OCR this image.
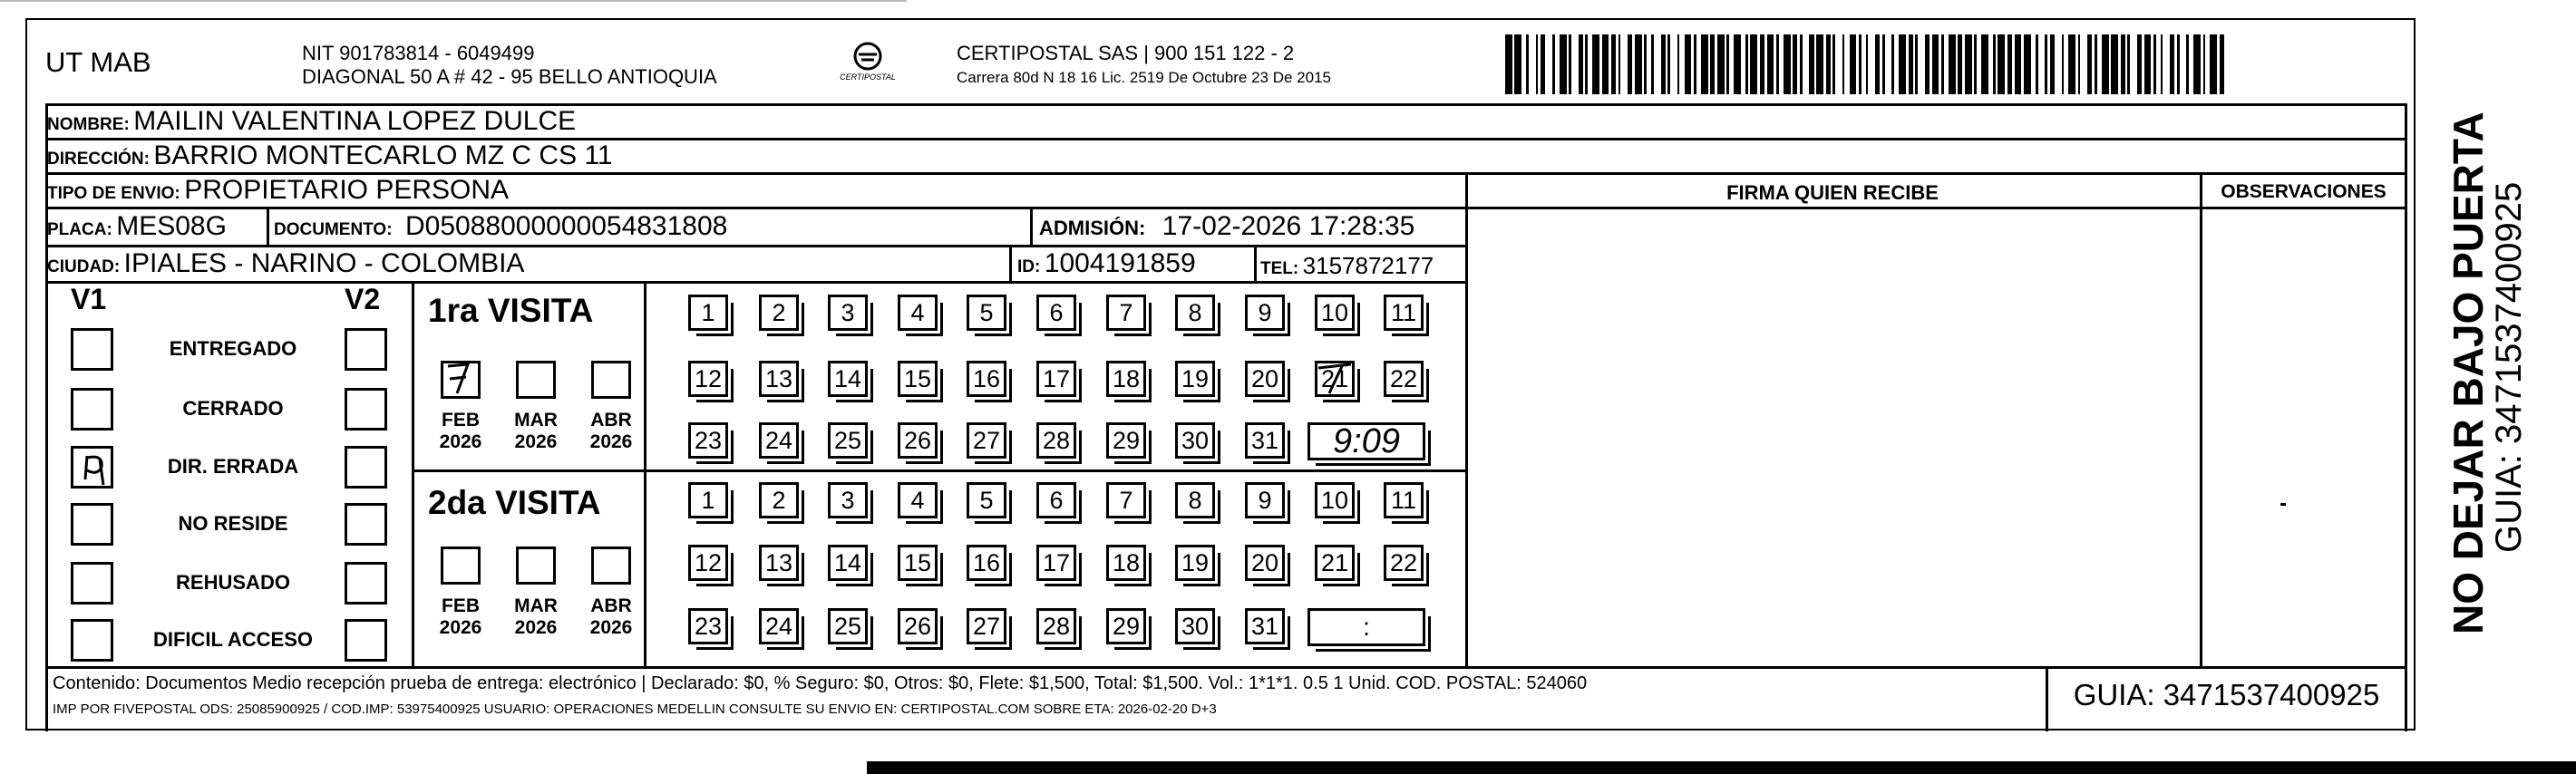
UT MAB	NIT 901783814 - 6049499
DIAGONAL 50 A # 42 - 95 BELLO ANTIOQUIA	CERTIPOSTAL
CERTIPOSTAL SAS | 900 151 122 - 2
Carrera 80d N 18 16 Lic. 2519 De Octubre 23 De 2015
NOMBRE: MAILIN VALENTINA LOPEZ DULCE
DIRECCIÓN: BARRIO MONTECARLO MZ C CS 11
TIPO DE ENVIO: PROPIETARIO PERSONA
PLACA: MES08G	DOCUMENTO: D05088000000054831808	ADMISIÓN: 17-02-2026 17:28:35
CIUDAD: IPIALES - NARINO - COLOMBIA	ID: 1004191859	TEL: 3157872177
FIRMA QUIEN RECIBE	OBSERVACIONES
V1	V2
ENTREGADO
CERRADO
DIR. ERRADA
NO RESIDE
REHUSADO
DIFICIL ACCESO
1ra VISITA
2da VISITA
FEB
2026
MAR
2026
ABR
2026
FEB
2026
MAR
2026
ABR
2026
1	2	3	4	5	6	7	8	9	10 11
12 13 14 15 16 17 18 19 20 21 22
23 24 25 26 27 28 29 30 31
1	2	3	4	5	6	7	8	9	10 11
12 13 14 15 16 17 18 19 20 21 22
23 24 25 26 27 28 29 30 31
9:09
:
Contenido: Documentos Medio recepción prueba de entrega: electrónico | Declarado: $0, % Seguro: $0, Otros: $0, Flete: $1,500, Total: $1,500. Vol.: 1*1*1. 0.5 1 Unid. COD. POSTAL: 524060
IMP POR FIVEPOSTAL ODS: 25085900925 / COD.IMP: 53975400925 USUARIO: OPERACIONES MEDELLIN CONSULTE SU ENVIO EN: CERTIPOSTAL.COM SOBRE ETA: 2026-02-20 D+3	GUIA: 3471537400925
NO DEJAR BAJO PUERTA
GUIA: 3471537400925
